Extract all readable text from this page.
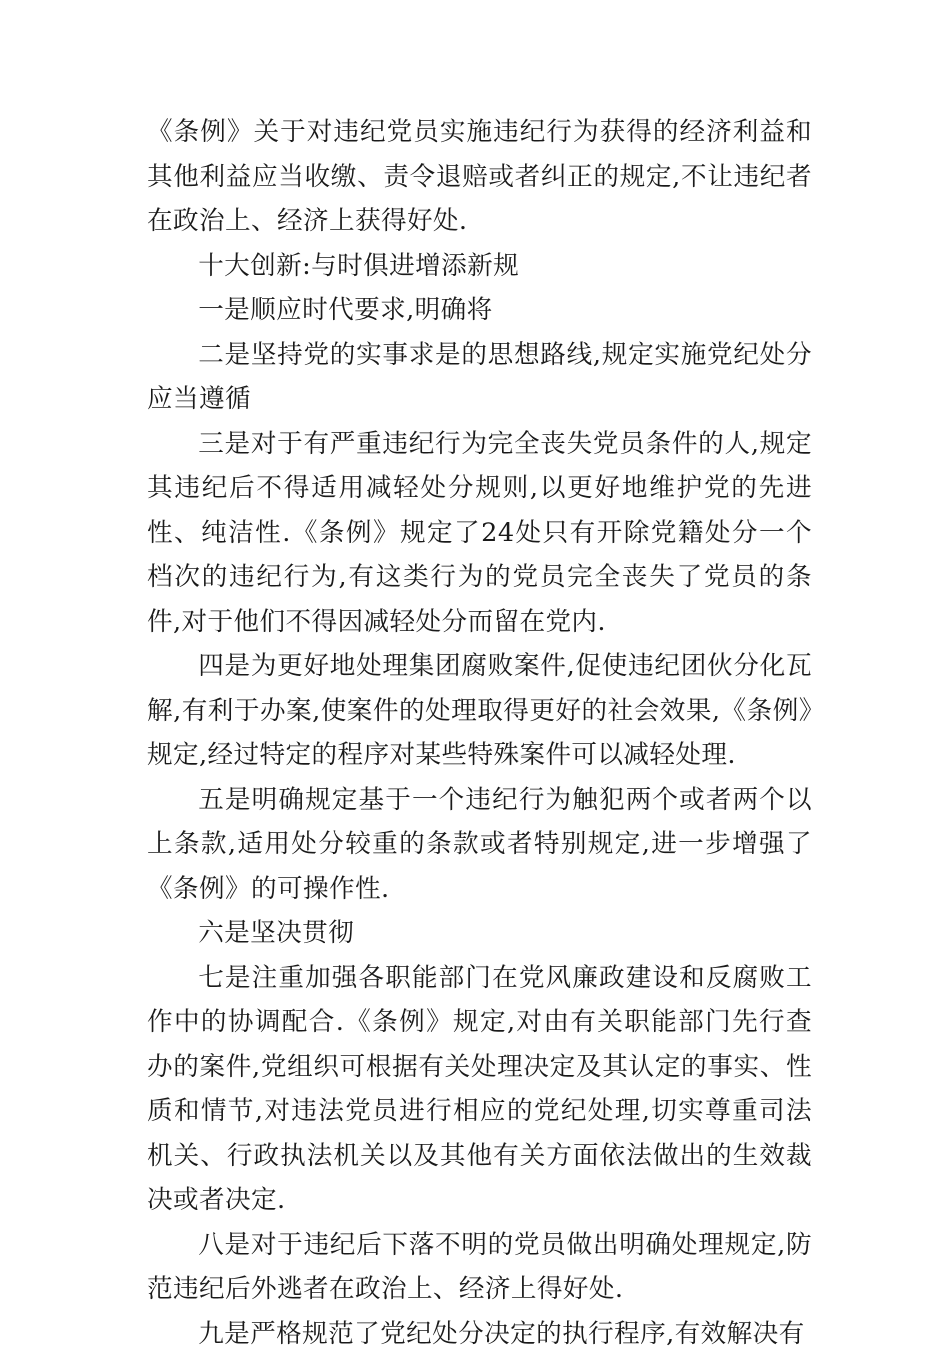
《条例》关于对违纪党员实施违纪行为获得的经济利益和其他利益应当收缴、责令退赔或者纠正的规定,不让违纪者在政治上、经济上获得好处.

十大创新:与时俱进增添新规

一是顺应时代要求,明确将

二是坚持党的实事求是的思想路线,规定实施党纪处分应当遵循

三是对于有严重违纪行为完全丧失党员条件的人,规定其违纪后不得适用减轻处分规则,以更好地维护党的先进性、纯洁性.《条例》规定了24处只有开除党籍处分一个档次的违纪行为,有这类行为的党员完全丧失了党员的条件,对于他们不得因减轻处分而留在党内.

四是为更好地处理集团腐败案件,促使违纪团伙分化瓦解,有利于办案,使案件的处理取得更好的社会效果,《条例》规定,经过特定的程序对某些特殊案件可以减轻处理.

五是明确规定基于一个违纪行为触犯两个或者两个以上条款,适用处分较重的条款或者特别规定,进一步增强了《条例》的可操作性.

六是坚决贯彻

七是注重加强各职能部门在党风廉政建设和反腐败工作中的协调配合.《条例》规定,对由有关职能部门先行查办的案件,党组织可根据有关处理决定及其认定的事实、性质和情节,对违法党员进行相应的党纪处理,切实尊重司法机关、行政执法机关以及其他有关方面依法做出的生效裁决或者决定.

八是对于违纪后下落不明的党员做出明确处理规定,防范违纪后外逃者在政治上、经济上得好处.

九是严格规范了党纪处分决定的执行程序,有效解决有
